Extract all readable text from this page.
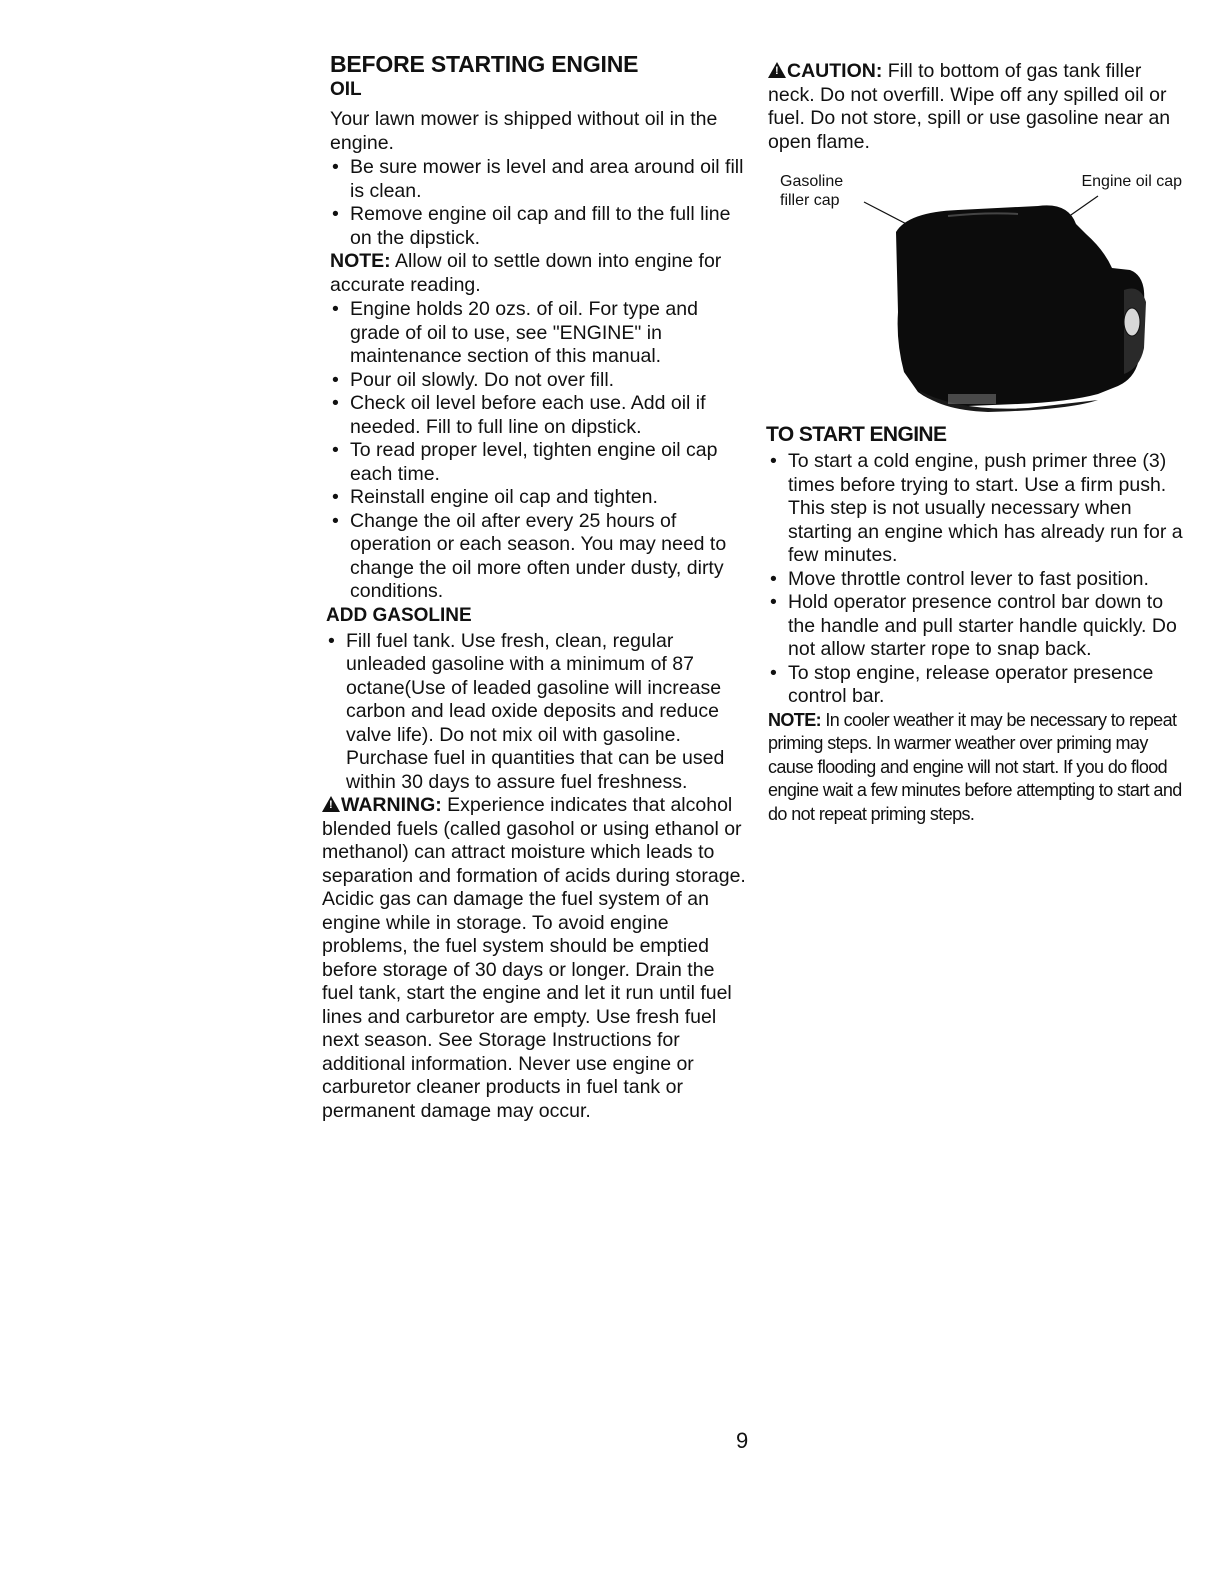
BEFORE STARTING ENGINE
OIL

Your lawn mower is shipped without oil in the engine.

• Be sure mower is level and area around oil fill is clean.
• Remove engine oil cap and fill to the full line on the dipstick.

NOTE: Allow oil to settle down into engine for accurate reading.

• Engine holds 20 ozs. of oil. For type and grade of oil to use, see "ENGINE" in maintenance section of this manual.
• Pour oil slowly. Do not over fill.
• Check oil level before each use. Add oil if needed. Fill to full line on dipstick.
• To read proper level, tighten engine oil cap each time.
• Reinstall engine oil cap and tighten.
• Change the oil after every 25 hours of operation or each season. You may need to change the oil more often under dusty, dirty conditions.
ADD GASOLINE
• Fill fuel tank. Use fresh, clean, regular unleaded gasoline with a minimum of 87 octane(Use of leaded gasoline will increase carbon and lead oxide deposits and reduce valve life). Do not mix oil with gasoline. Purchase fuel in quantities that can be used within 30 days to assure fuel freshness.
!WARNING: Experience indicates that alcohol blended fuels (called gasohol or using ethanol or methanol) can attract moisture which leads to separation and formation of acids during storage. Acidic gas can damage the fuel system of an engine while in storage. To avoid engine problems, the fuel system should be emptied before storage of 30 days or longer. Drain the fuel tank, start the engine and let it run until fuel lines and carburetor are empty. Use fresh fuel next season. See Storage Instructions for additional information. Never use engine or carburetor cleaner products in fuel tank or permanent damage may occur.
!CAUTION: Fill to bottom of gas tank filler neck. Do not overfill. Wipe off any spilled oil or fuel. Do not store, spill or use gasoline near an open flame.
Gasoline
filler cap
Engine oil cap
TO START ENGINE
• To start a cold engine, push primer three (3) times before trying to start. Use a firm push. This step is not usually necessary when starting an engine which has already run for a few minutes.
• Move throttle control lever to fast position.
• Hold operator presence control bar down to the handle and pull starter handle quickly. Do not allow starter rope to snap back.
• To stop engine, release operator presence control bar.

NOTE: In cooler weather it may be necessary to repeat priming steps. In warmer weather over priming may cause flooding and engine will not start. If you do flood engine wait a few minutes before attempting to start and do not repeat priming steps.

9
